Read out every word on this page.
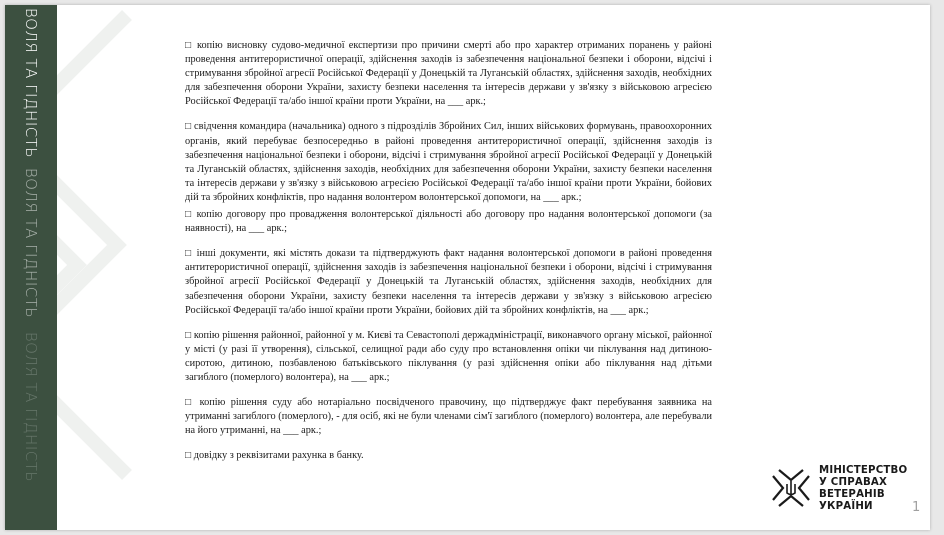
ВОЛЯ ТА ГІДНІСТЬ
ВОЛЯ ТА ГІДНІСТЬ
ВОЛЯ ТА ГІДНІСТЬ

□ копію висновку судово-медичної експертизи про причини смерті або про характер отриманих поранень у районі проведення антитерористичної операції, здійснення заходів із забезпечення національної безпеки і оборони, відсічі і стримування збройної агресії Російської Федерації у Донецькій та Луганській областях, здійснення заходів, необхідних для забезпечення оборони України, захисту безпеки населення та інтересів держави у зв'язку з військовою агресією Російської Федерації та/або іншої країни проти України, на ___ арк.;

□ свідчення командира (начальника) одного з підрозділів Збройних Сил, інших військових формувань, правоохоронних органів, який перебуває безпосередньо в районі проведення антитерористичної операції, здійснення заходів із забезпечення національної безпеки і оборони, відсічі і стримування збройної агресії Російської Федерації у Донецькій та Луганській областях, здійснення заходів, необхідних для забезпечення оборони України, захисту безпеки населення та інтересів держави у зв'язку з військовою агресією Російської Федерації та/або іншої країни проти України, бойових дій та збройних конфліктів, про надання волонтером волонтерської допомоги, на ___ арк.;

□ копію договору про провадження волонтерської діяльності або договору про надання волонтерської допомоги (за наявності), на ___ арк.;

□ інші документи, які містять докази та підтверджують факт надання волонтерської допомоги в районі проведення антитерористичної операції, здійснення заходів із забезпечення національної безпеки і оборони, відсічі і стримування збройної агресії Російської Федерації у Донецькій та Луганській областях, здійснення заходів, необхідних для забезпечення оборони України, захисту безпеки населення та інтересів держави у зв'язку з військовою агресією Російської Федерації та/або іншої країни проти України, бойових дій та збройних конфліктів, на ___ арк.;

□ копію рішення районної, районної у м. Києві та Севастополі держадміністрації, виконавчого органу міської, районної у місті (у разі її утворення), сільської, селищної ради або суду про встановлення опіки чи піклування над дитиною-сиротою, дитиною, позбавленою батьківського піклування (у разі здійснення опіки або піклування над дітьми загиблого (померлого) волонтера), на ___ арк.;

□ копію рішення суду або нотаріально посвідченого правочину, що підтверджує факт перебування заявника на утриманні загиблого (померлого), - для осіб, які не були членами сім'ї загиблого (померлого) волонтера, але перебували на його утриманні, на ___ арк.;

□ довідку з реквізитами рахунка в банку.

МІНІСТЕРСТВО
У СПРАВАХ
ВЕТЕРАНІВ
УКРАЇНИ	1
